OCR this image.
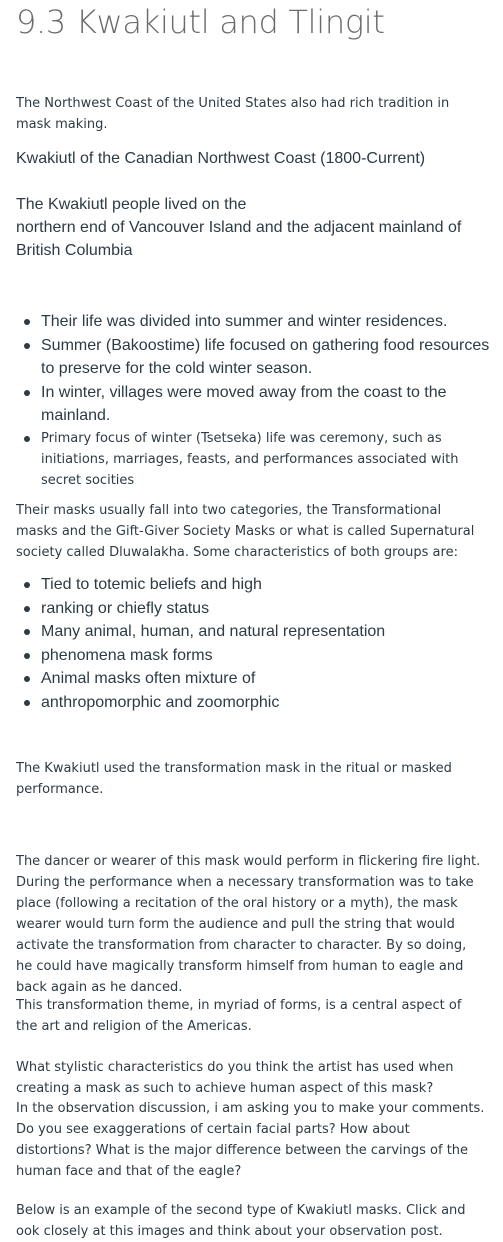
9.3 Kwakiutl and Tlingit

The Northwest Coast of the United States also had rich tradition in mask making.

Kwakiutl of the Canadian Northwest Coast (1800-Current)

The Kwakiutl people lived on the

northern end of Vancouver Island and the adjacent mainland of British Columbia

Their life was divided into summer and winter residences.
Summer (Bakoostime) life focused on gathering food resources to preserve for the cold winter season.
In winter, villages were moved away from the coast to the mainland.
Primary focus of winter (Tsetseka) life was ceremony, such as initiations, marriages, feasts, and performances associated with secret socities

Their masks usually fall into two categories, the Transformational masks and the Gift-Giver Society Masks or what is called Supernatural society called Dluwalakha. Some characteristics of both groups are:

Tied to totemic beliefs and high
ranking or chiefly status
Many animal, human, and natural representation
phenomena mask forms
Animal masks often mixture of
anthropomorphic and zoomorphic

The Kwakiutl used the transformation mask in the ritual or masked performance.

The dancer or wearer of this mask would perform in flickering fire light. During the performance when a necessary transformation was to take place (following a recitation of the oral history or a myth), the mask wearer would turn form the audience and pull the string that would activate the transformation from character to character. By so doing, he could have magically transform himself from human to eagle and back again as he danced.

This transformation theme, in myriad of forms, is a central aspect of the art and religion of the Americas.

What stylistic characteristics do you think the artist has used when creating a mask as such to achieve human aspect of this mask?

In the observation discussion, i am asking you to make your comments. Do you see exaggerations of certain facial parts? How about distortions? What is the major difference between the carvings of the human face and that of the eagle?

Below is an example of the second type of Kwakiutl masks. Click and ook closely at this images and think about your observation post.
